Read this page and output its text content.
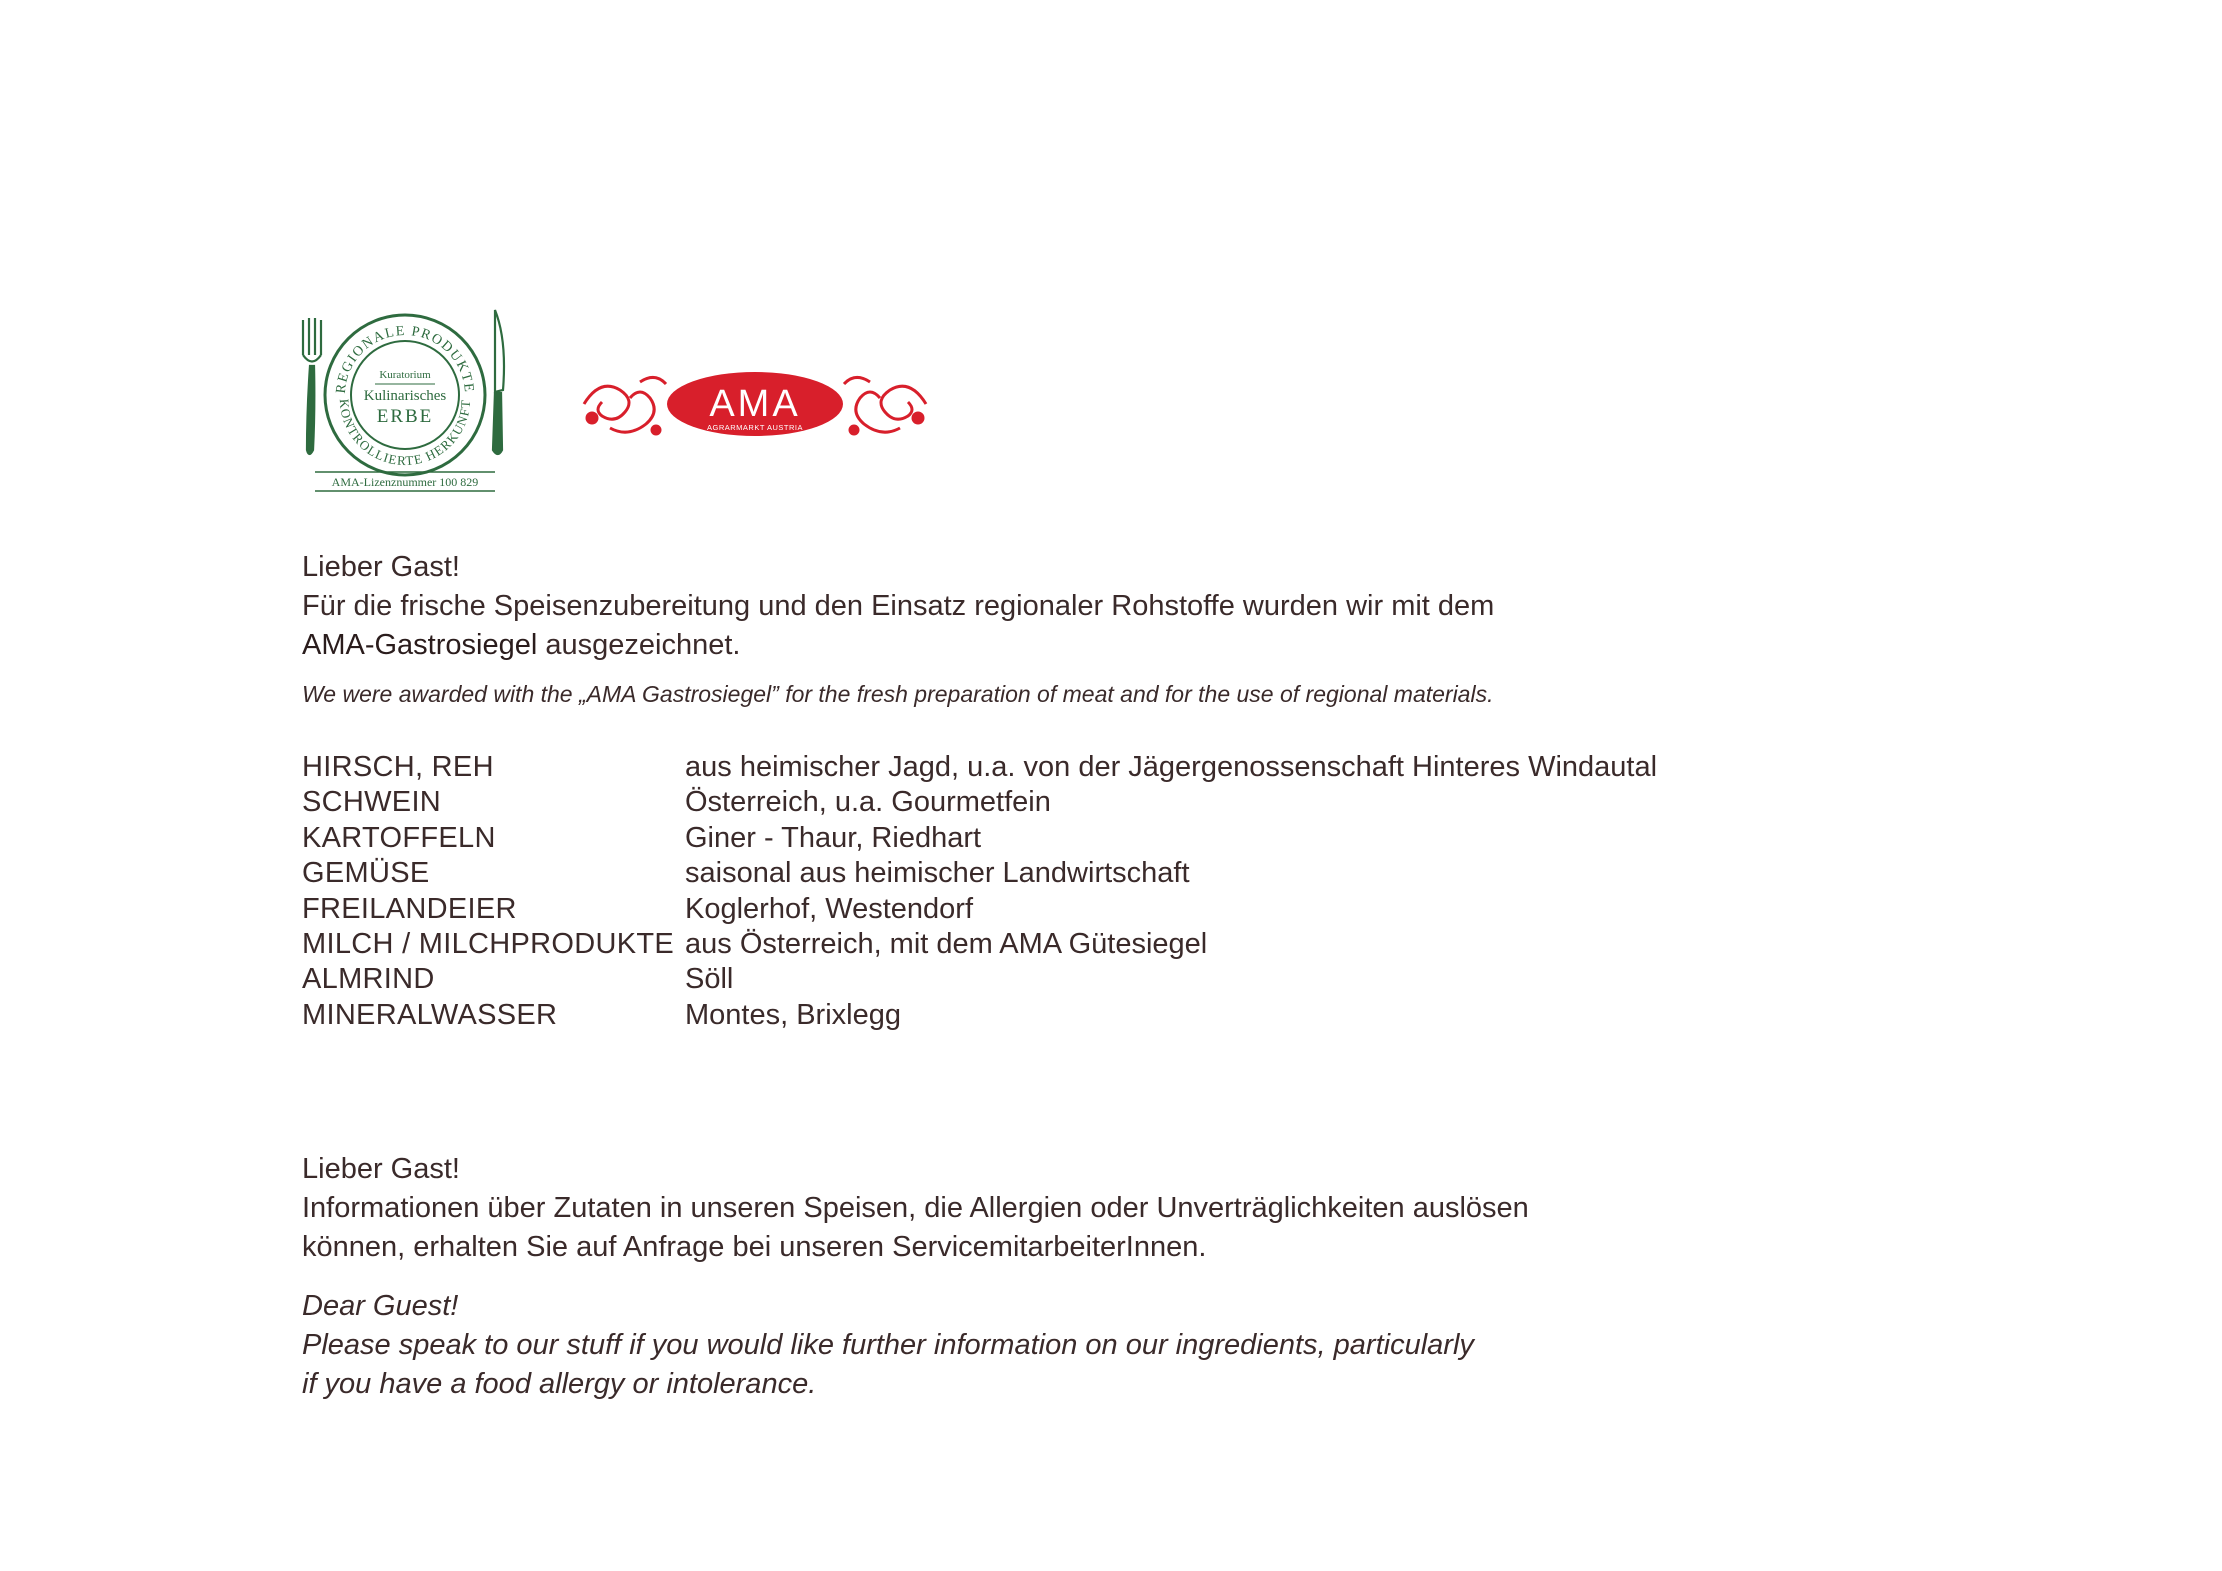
REGIONALE PRODUKTE
KONTROLLIERTE HERKUNFT
Kuratorium
Kulinarisches
ERBE
AMA-Lizenznummer 100 829
AMA
AGRARMARKT AUSTRIA

Lieber Gast!

Für die frische Speisenzubereitung und den Einsatz regionaler Rohstoffe wurden wir mit dem

AMA-Gastrosiegel ausgezeichnet.

We were awarded with the „AMA Gastrosiegel” for the fresh preparation of meat and for the use of regional materials.
HIRSCH, REH	aus heimischer Jagd, u.a. von der Jägergenossenschaft Hinteres Windautal
SCHWEIN	Österreich, u.a. Gourmetfein
KARTOFFELN	Giner - Thaur, Riedhart
GEMÜSE	saisonal aus heimischer Landwirtschaft
FREILANDEIER	Koglerhof, Westendorf
MILCH / MILCHPRODUKTE aus Österreich, mit dem AMA Gütesiegel
ALMRIND	Söll
MINERALWASSER	Montes, Brixlegg

Lieber Gast!

Informationen über Zutaten in unseren Speisen, die Allergien oder Unverträglichkeiten auslösen

können, erhalten Sie auf Anfrage bei unseren ServicemitarbeiterInnen.

Dear Guest!

Please speak to our stuff if you would like further information on our ingredients, particularly

if you have a food allergy or intolerance.
